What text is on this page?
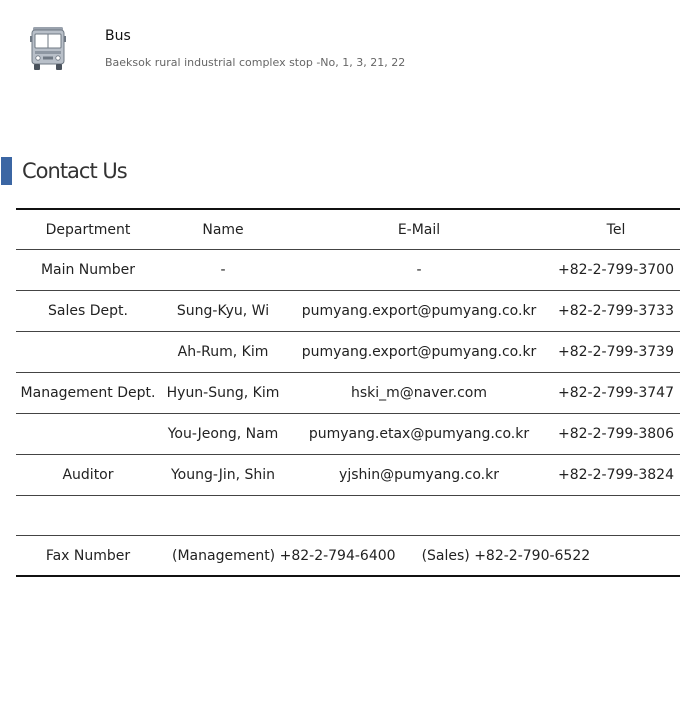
Bus
Baeksok rural industrial complex stop -No, 1, 3, 21, 22
Contact Us
Department	Name	E-Mail	Tel
Main Number	-	-	+82-2-799-3700
Sales Dept.	Sung-Kyu, Wi	pumyang.export@pumyang.co.kr	+82-2-799-3733
	Ah-Rum, Kim	pumyang.export@pumyang.co.kr	+82-2-799-3739
Management Dept.	Hyun-Sung, Kim	hski_m@naver.com	+82-2-799-3747
	You-Jeong, Nam	pumyang.etax@pumyang.co.kr	+82-2-799-3806
Auditor	Young-Jin, Shin	yjshin@pumyang.co.kr	+82-2-799-3824

Fax Number	(Management) +82-2-794-6400 (Sales) +82-2-790-6522		
